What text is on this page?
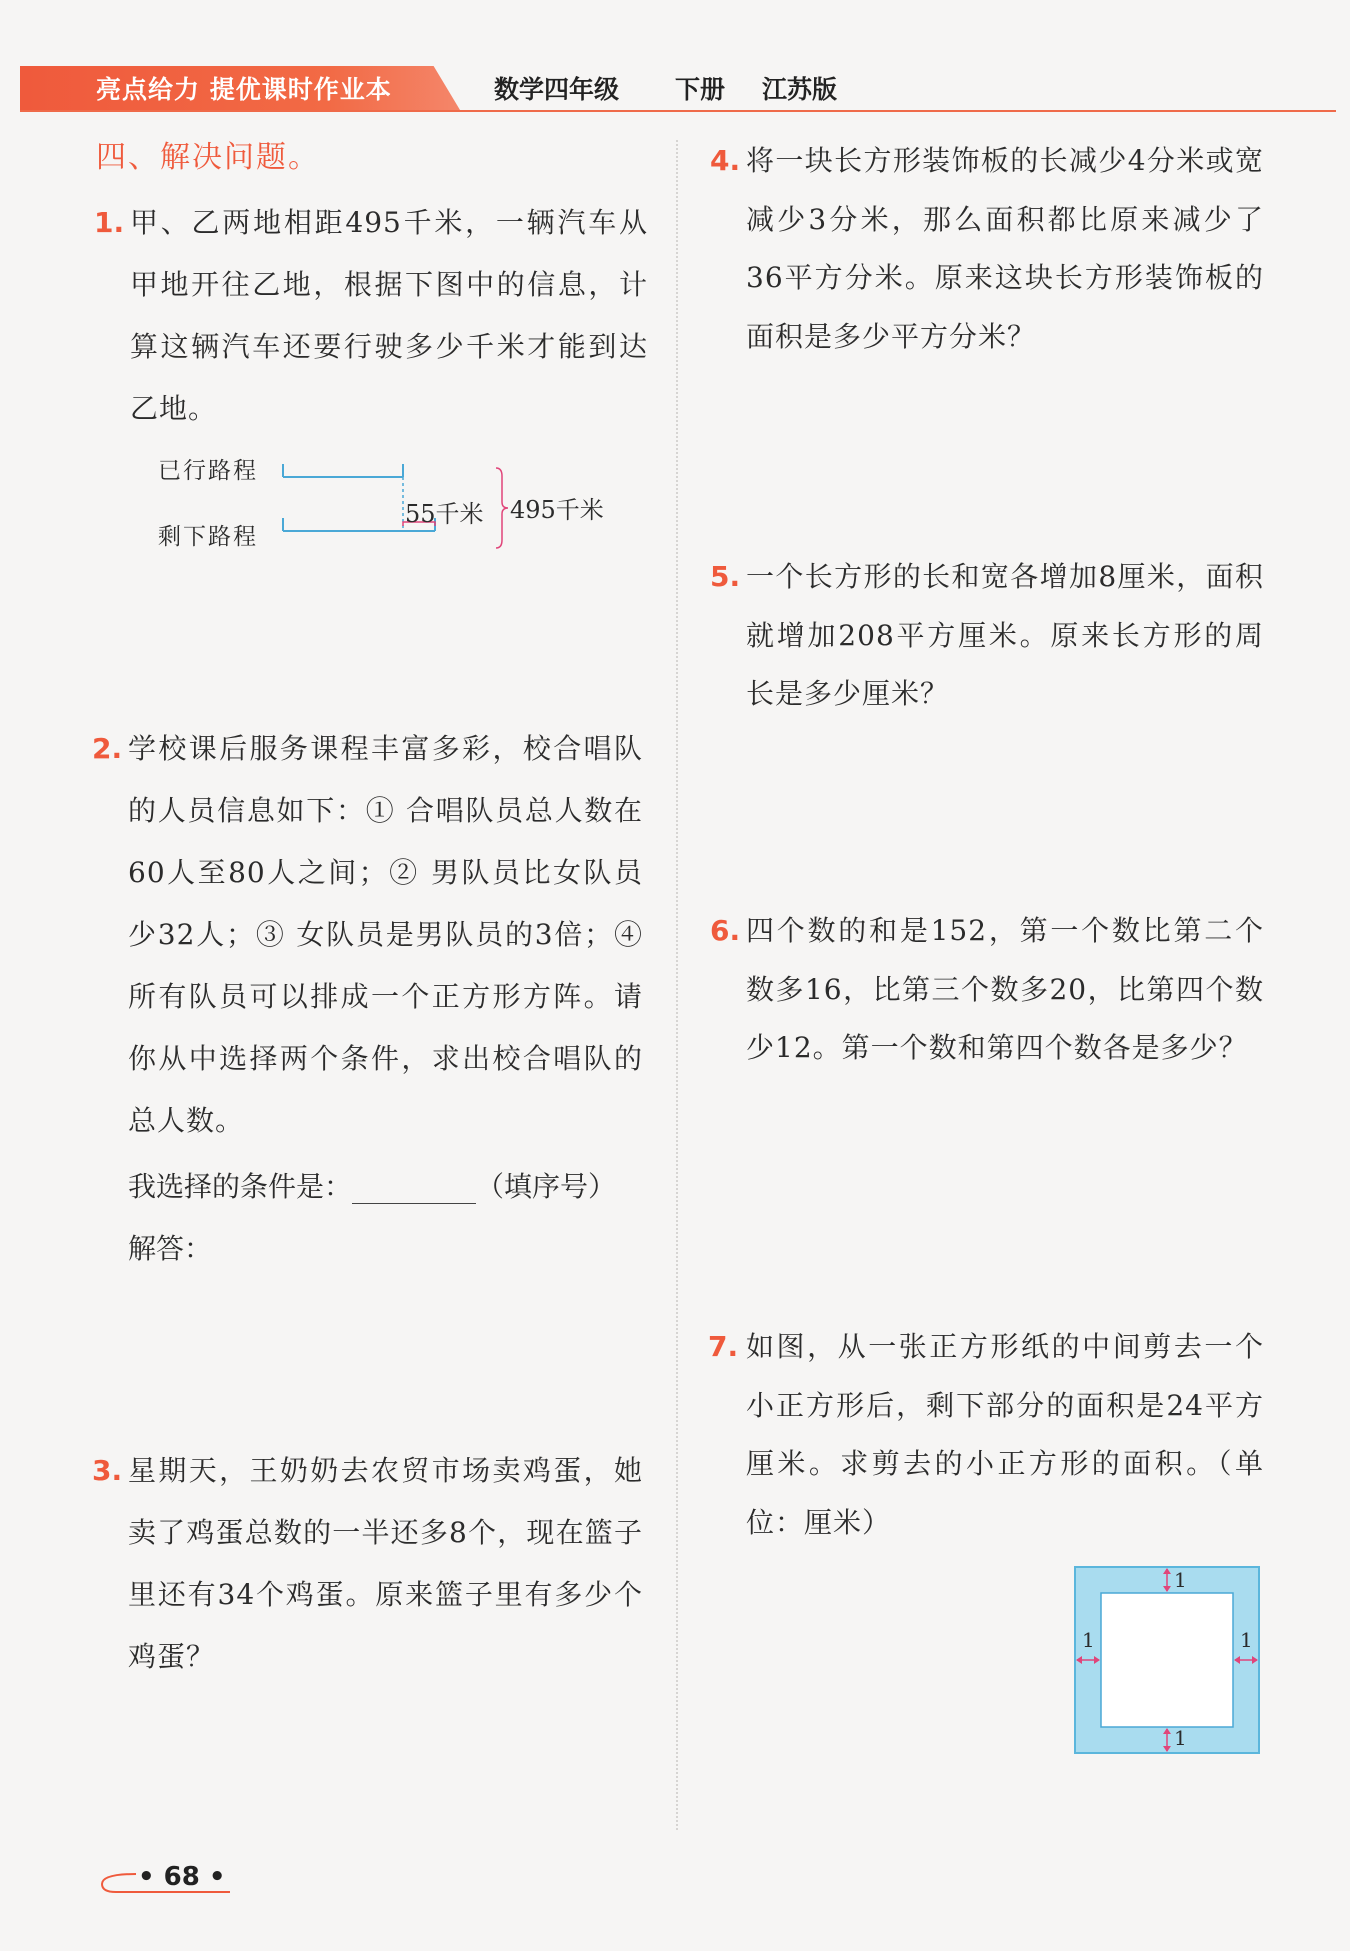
亮点给力 提优课时作业本	数学四年级 下册 江苏版
四、解决问题。
1. 甲、乙两地相距495千米，一辆汽车从甲地开往乙地，根据下图中的信息，计算这辆汽车还要行驶多少千米才能到达乙地。
已行路程
剩下路程
55千米 495千米
2. 学校课后服务课程丰富多彩，校合唱队的人员信息如下：① 合唱队员总人数在60人至80人之间；② 男队员比女队员少32人；③ 女队员是男队员的3倍；④ 所有队员可以排成一个正方形方阵。请你从中选择两个条件，求出校合唱队的总人数。
我选择的条件是：	（填序号）
解答：
3. 星期天，王奶奶去农贸市场卖鸡蛋，她卖了鸡蛋总数的一半还多8个，现在篮子里还有34个鸡蛋。原来篮子里有多少个鸡蛋？
4. 将一块长方形装饰板的长减少4分米或宽减少3分米，那么面积都比原来减少了36平方分米。原来这块长方形装饰板的面积是多少平方分米？
5. 一个长方形的长和宽各增加8厘米，面积就增加208平方厘米。原来长方形的周长是多少厘米？
6. 四个数的和是152，第一个数比第二个数多16，比第三个数多20，比第四个数少12。第一个数和第四个数各是多少？
7. 如图，从一张正方形纸的中间剪去一个小正方形后，剩下部分的面积是24平方厘米。求剪去的小正方形的面积。（单位：厘米）
1
1
1	1
• 68 •
